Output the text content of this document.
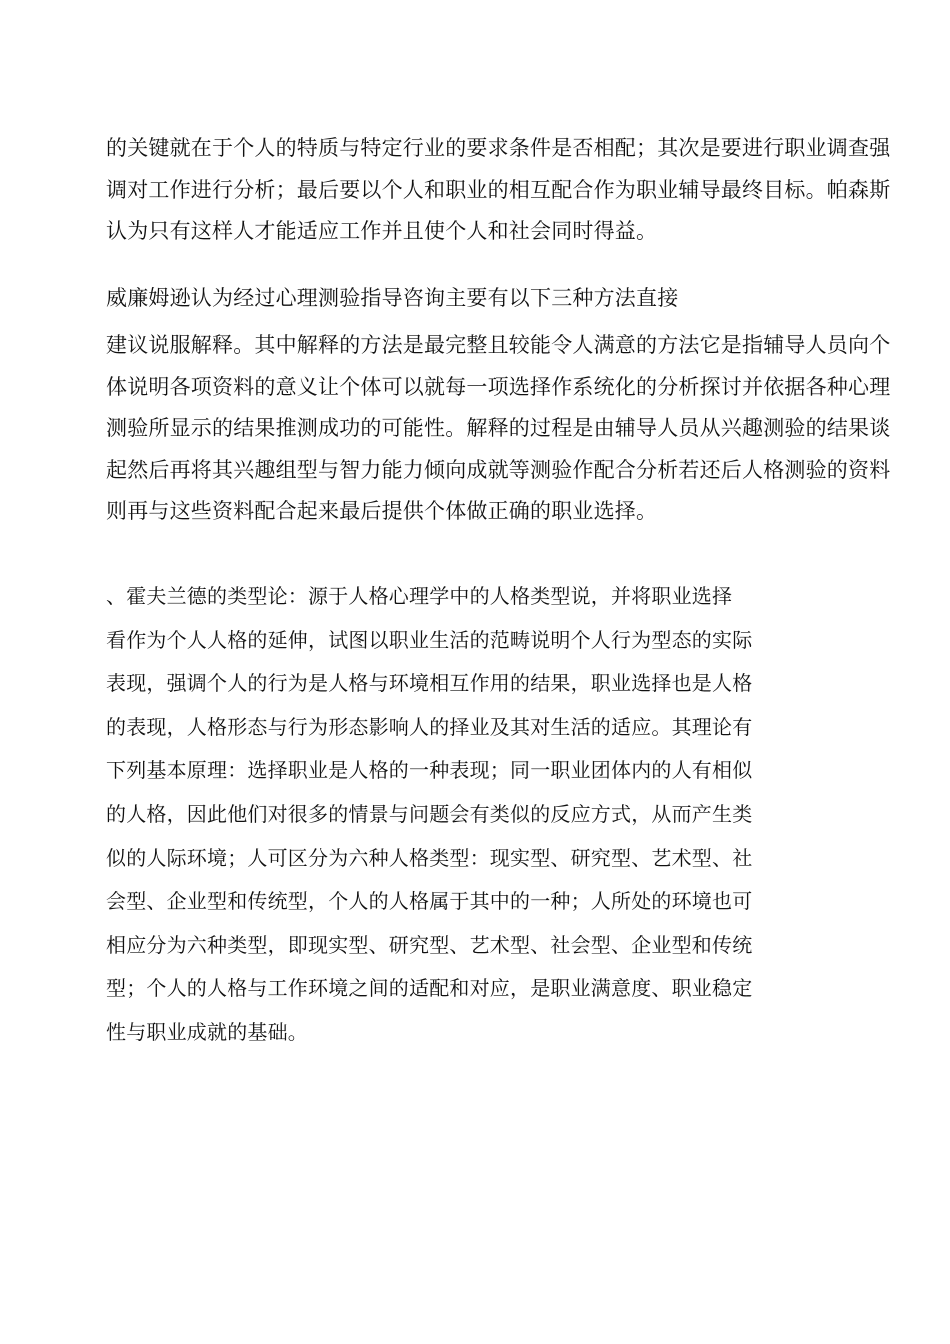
的关键就在于个人的特质与特定行业的要求条件是否相配；其次是要进行职业调查强
调对工作进行分析；最后要以个人和职业的相互配合作为职业辅导最终目标。帕森斯
认为只有这样人才能适应工作并且使个人和社会同时得益。

威廉姆逊认为经过心理测验指导咨询主要有以下三种方法直接

建议说服解释。其中解释的方法是最完整且较能令人满意的方法它是指辅导人员向个
体说明各项资料的意义让个体可以就每一项选择作系统化的分析探讨并依据各种心理
测验所显示的结果推测成功的可能性。解释的过程是由辅导人员从兴趣测验的结果谈
起然后再将其兴趣组型与智力能力倾向成就等测验作配合分析若还后人格测验的资料
则再与这些资料配合起来最后提供个体做正确的职业选择。

、霍夫兰德的类型论：源于人格心理学中的人格类型说，并将职业选择
看作为个人人格的延伸，试图以职业生活的范畴说明个人行为型态的实际
表现，强调个人的行为是人格与环境相互作用的结果，职业选择也是人格
的表现，人格形态与行为形态影响人的择业及其对生活的适应。其理论有
下列基本原理：选择职业是人格的一种表现；同一职业团体内的人有相似
的人格，因此他们对很多的情景与问题会有类似的反应方式，从而产生类
似的人际环境；人可区分为六种人格类型：现实型、研究型、艺术型、社
会型、企业型和传统型，个人的人格属于其中的一种；人所处的环境也可
相应分为六种类型，即现实型、研究型、艺术型、社会型、企业型和传统
型；个人的人格与工作环境之间的适配和对应，是职业满意度、职业稳定
性与职业成就的基础。
